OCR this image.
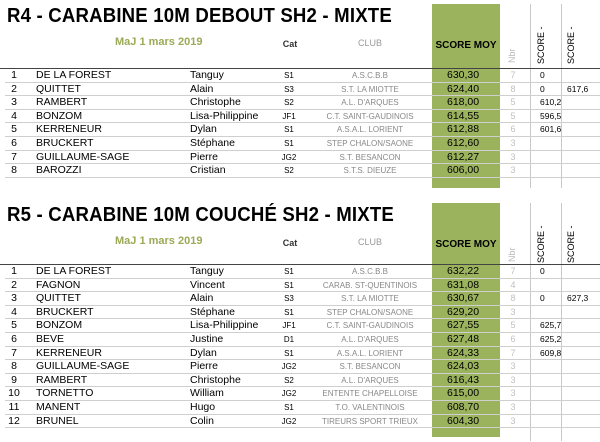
R4 - CARABINE 10M DEBOUT SH2 - MIXTE
MaJ 1 mars 2019	Cat	CLUB	SCORE MOY
Nbr SCORE - SCORE -
1	DE LA FOREST	Tanguy	S1	A.S.C.B.B	630,30	7	0
2	QUITTET	Alain	S3	S.T. LA MIOTTE	624,40	8	0	617,6
3	RAMBERT	Christophe	S2	A.L. D'ARQUES	618,00	5	610,2
4	BONZOM	Lisa-Philippine	JF1	C.T. SAINT-GAUDINOIS	614,55	5	596,5
5	KERRENEUR	Dylan	S1	A.S.A.L. LORIENT	612,88	6	601,6
6	BRUCKERT	Stéphane	S1	STEP CHALON/SAONE	612,60	3
7	GUILLAUME-SAGE	Pierre	JG2	S.T. BESANCON	612,27	3
8	BAROZZI	Cristian	S2	S.T.S. DIEUZE	606,00	3
R5 - CARABINE 10M COUCHÉ SH2 - MIXTE
MaJ 1 mars 2019	Cat	CLUB	SCORE MOY
Nbr SCORE - SCORE -
1	DE LA FOREST	Tanguy	S1	A.S.C.B.B	632,22	7	0
2	FAGNON	Vincent	S1	CARAB. ST-QUENTINOIS	631,08	4
3	QUITTET	Alain	S3	S.T. LA MIOTTE	630,67	8	0	627,3
4	BRUCKERT	Stéphane	S1	STEP CHALON/SAONE	629,20	3
5	BONZOM	Lisa-Philippine	JF1	C.T. SAINT-GAUDINOIS	627,55	5	625,7
6	BEVE	Justine	D1	A.L. D'ARQUES	627,48	6	625,2
7	KERRENEUR	Dylan	S1	A.S.A.L. LORIENT	624,33	7	609,8
8	GUILLAUME-SAGE	Pierre	JG2	S.T. BESANCON	624,03	3
9	RAMBERT	Christophe	S2	A.L. D'ARQUES	616,43	3
10	TORNETTO	William	JG2	ENTENTE CHAPELLOISE	615,00	3
11	MANENT	Hugo	S1	T.O. VALENTINOIS	608,70	3
12	BRUNEL	Colin	JG2	TIREURS SPORT TRIEUX	604,30	3
